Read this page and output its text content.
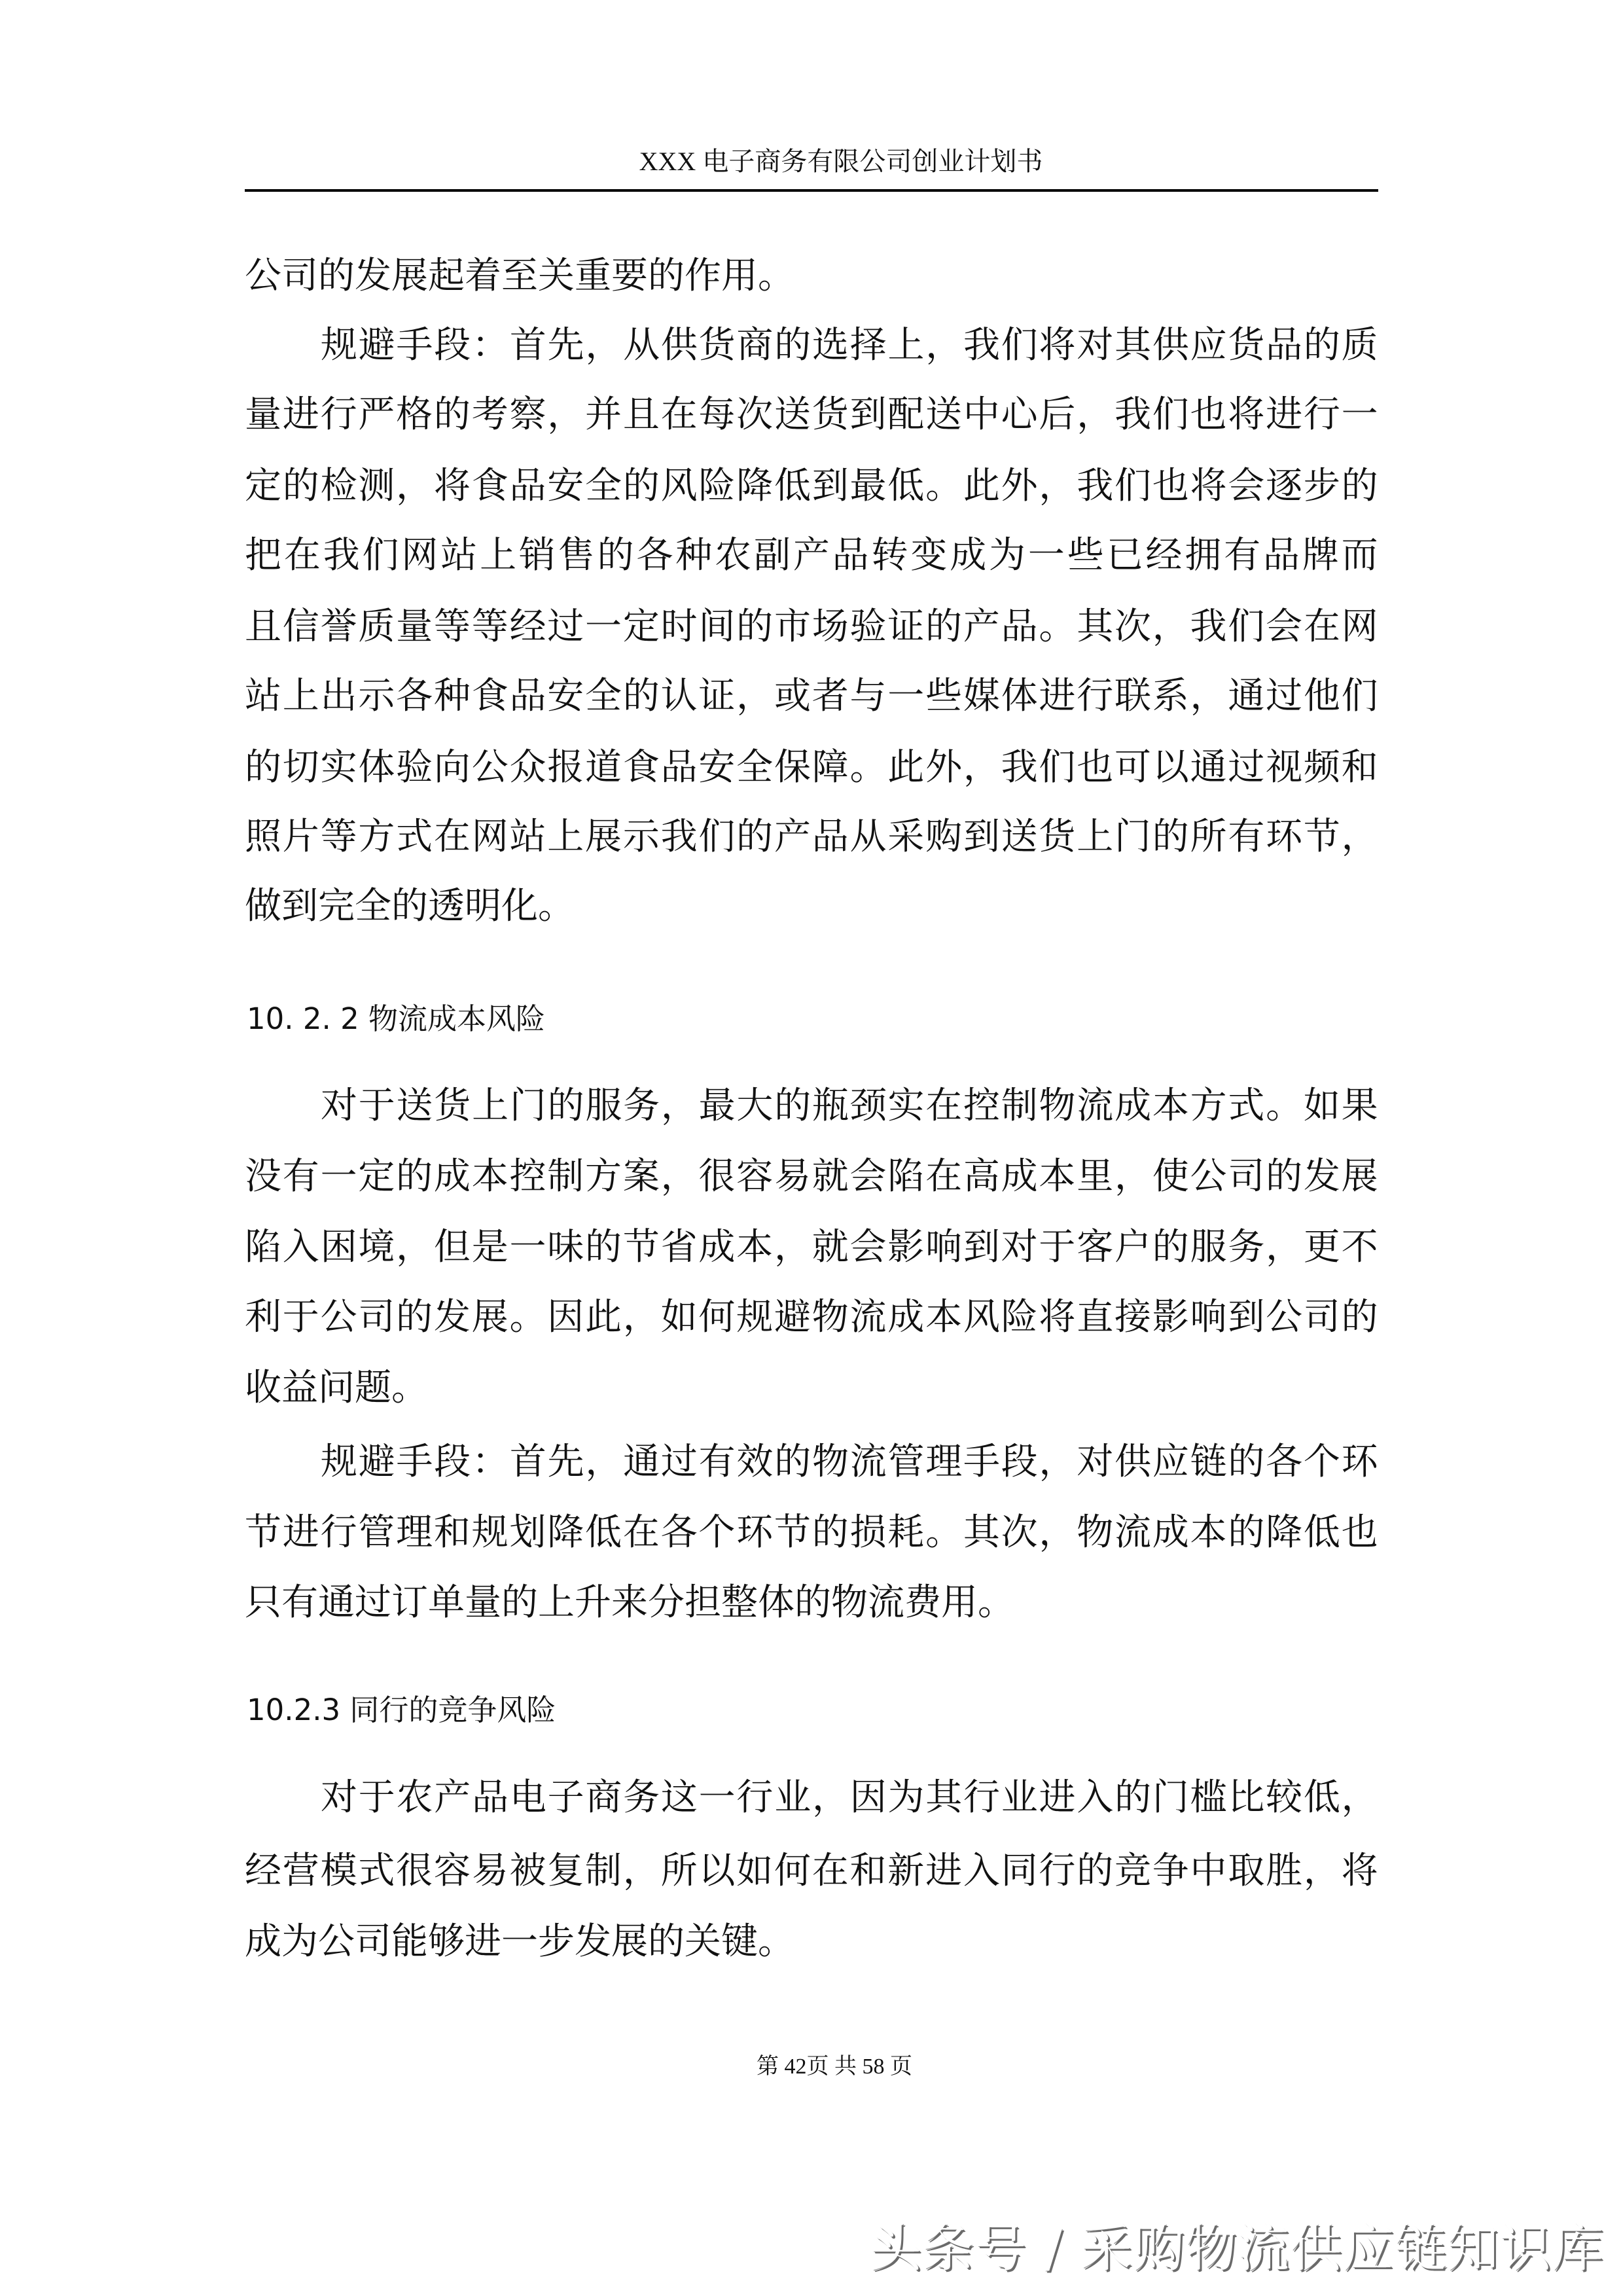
XXX 电子商务有限公司创业计划书
公司的发展起着至关重要的作用。
规 避 手 段 ： 首 先 ， 从 供 货 商 的 选 择 上 ， 我 们 将 对 其 供 应 货 品 的 质
量 进 行 严 格 的 考 察 ， 并 且 在 每 次 送 货 到 配 送 中 心 后 ， 我 们 也 将 进 行 一
定 的 检 测 ， 将 食 品 安 全 的 风 险 降 低 到 最 低 。 此 外 ， 我 们 也 将 会 逐 步 的
把 在 我 们 网 站 上 销 售 的 各 种 农 副 产 品 转 变 成 为 一 些 已 经 拥 有 品 牌 而
且 信 誉 质 量 等 等 经 过 一 定 时 间 的 市 场 验 证 的 产 品 。 其 次 ， 我 们 会 在 网
站 上 出 示 各 种 食 品 安 全 的 认 证 ， 或 者 与 一 些 媒 体 进 行 联 系 ， 通 过 他 们
的 切 实 体 验 向 公 众 报 道 食 品 安 全 保 障 。 此 外 ， 我 们 也 可 以 通 过 视 频 和
照 片 等 方 式 在 网 站 上 展 示 我 们 的 产 品 从 采 购 到 送 货 上 门 的 所 有 环 节 ，
做到完全的透明化。
10. 2. 2 物流成本风险
对 于 送 货 上 门 的 服 务 ， 最 大 的 瓶 颈 实 在 控 制 物 流 成 本 方 式 。 如 果
没 有 一 定 的 成 本 控 制 方 案 ， 很 容 易 就 会 陷 在 高 成 本 里 ， 使 公 司 的 发 展
陷 入 困 境 ， 但 是 一 味 的 节 省 成 本 ， 就 会 影 响 到 对 于 客 户 的 服 务 ， 更 不
利 于 公 司 的 发 展 。 因 此 ， 如 何 规 避 物 流 成 本 风 险 将 直 接 影 响 到 公 司 的
收益问题。
规 避 手 段 ： 首 先 ， 通 过 有 效 的 物 流 管 理 手 段 ， 对 供 应 链 的 各 个 环
节 进 行 管 理 和 规 划 降 低 在 各 个 环 节 的 损 耗 。 其 次 ， 物 流 成 本 的 降 低 也
只有通过订单量的上升来分担整体的物流费用。
10.2.3 同行的竞争风险
对 于 农 产 品 电 子 商 务 这 一 行 业 ， 因 为 其 行 业 进 入 的 门 槛 比 较 低 ，
经 营 模 式 很 容 易 被 复 制 ， 所 以 如 何 在 和 新 进 入 同 行 的 竞 争 中 取 胜 ， 将
成为公司能够进一步发展的关键。
第 42页 共 58 页
头条号 / 采购物流供应链知识库
